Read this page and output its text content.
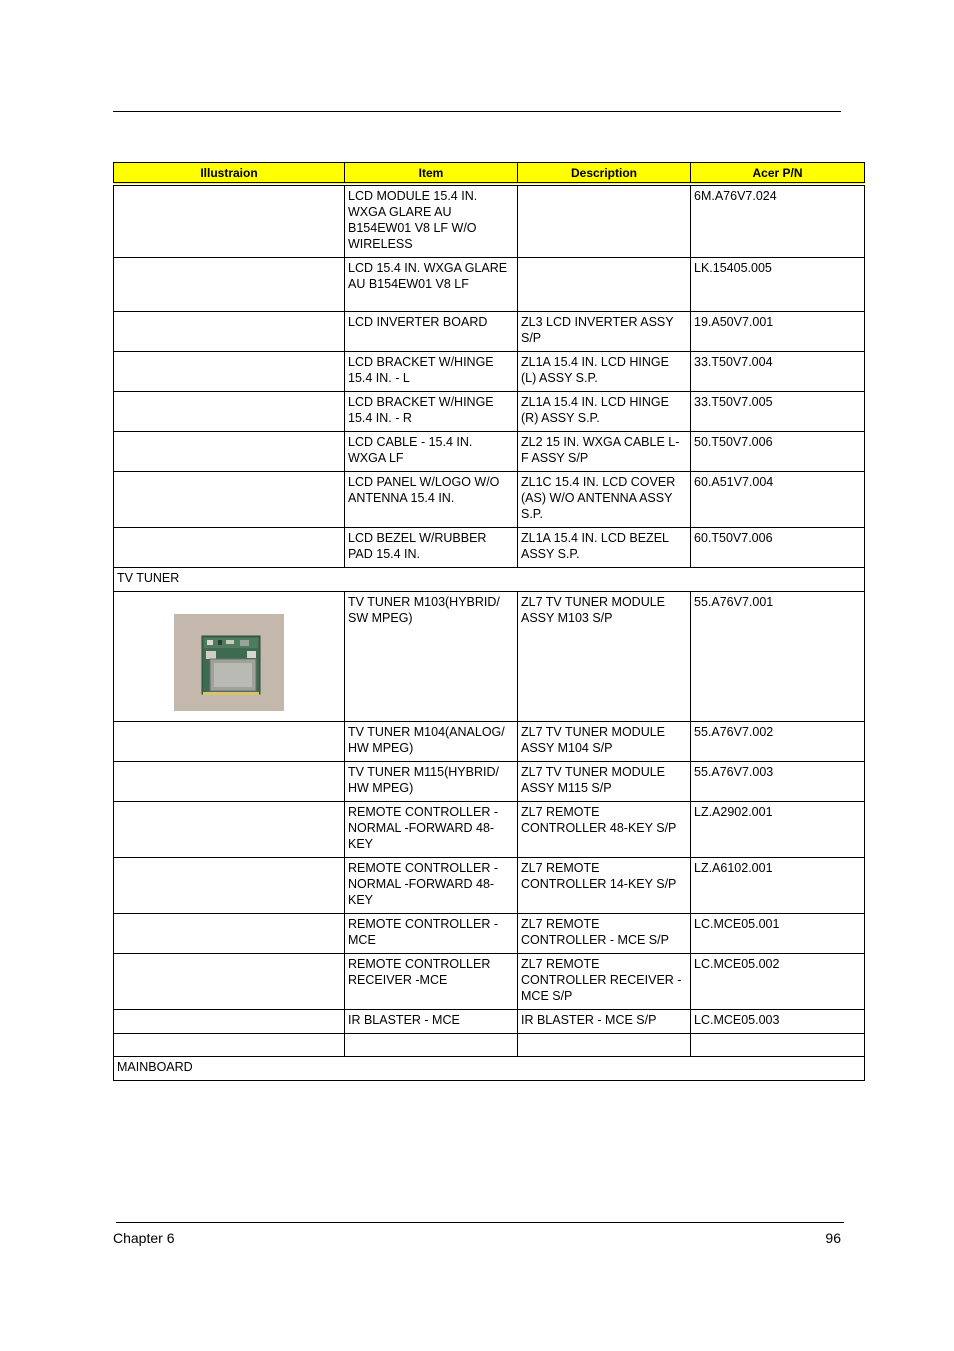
Illustraion	Item	Description	Acer P/N
	LCD MODULE 15.4 IN. WXGA GLARE AU B154EW01 V8 LF W/O WIRELESS		6M.A76V7.024
	LCD 15.4 IN. WXGA GLARE AU B154EW01 V8 LF		LK.15405.005
	LCD INVERTER BOARD	ZL3 LCD INVERTER ASSY S/P	19.A50V7.001
	LCD BRACKET W/HINGE 15.4 IN. - L	ZL1A 15.4 IN. LCD HINGE (L) ASSY S.P.	33.T50V7.004
	LCD BRACKET W/HINGE 15.4 IN. - R	ZL1A 15.4 IN. LCD HINGE (R) ASSY S.P.	33.T50V7.005
	LCD CABLE - 15.4 IN. WXGA LF	ZL2 15 IN. WXGA CABLE L-F ASSY S/P	50.T50V7.006
	LCD PANEL W/LOGO W/O ANTENNA 15.4 IN.	ZL1C 15.4 IN. LCD COVER (AS) W/O ANTENNA ASSY S.P.	60.A51V7.004
	LCD BEZEL W/RUBBER PAD 15.4 IN.	ZL1A 15.4 IN. LCD BEZEL ASSY S.P.	60.T50V7.006
TV TUNER			

	TV TUNER M103(HYBRID/ SW MPEG)	ZL7 TV TUNER MODULE ASSY M103 S/P	55.A76V7.001
	TV TUNER M104(ANALOG/ HW MPEG)	ZL7 TV TUNER MODULE ASSY M104 S/P	55.A76V7.002
	TV TUNER M115(HYBRID/ HW MPEG)	ZL7 TV TUNER MODULE ASSY M115 S/P	55.A76V7.003
	REMOTE CONTROLLER - NORMAL -FORWARD 48-KEY	ZL7 REMOTE CONTROLLER 48-KEY S/P	LZ.A2902.001
	REMOTE CONTROLLER - NORMAL -FORWARD 48-KEY	ZL7 REMOTE CONTROLLER 14-KEY S/P	LZ.A6102.001
	REMOTE CONTROLLER - MCE	ZL7 REMOTE CONTROLLER - MCE S/P	LC.MCE05.001
	REMOTE CONTROLLER RECEIVER -MCE	ZL7 REMOTE CONTROLLER RECEIVER -MCE S/P	LC.MCE05.002
	IR BLASTER - MCE	IR BLASTER - MCE S/P	LC.MCE05.003

MAINBOARD			
Chapter 6	96
